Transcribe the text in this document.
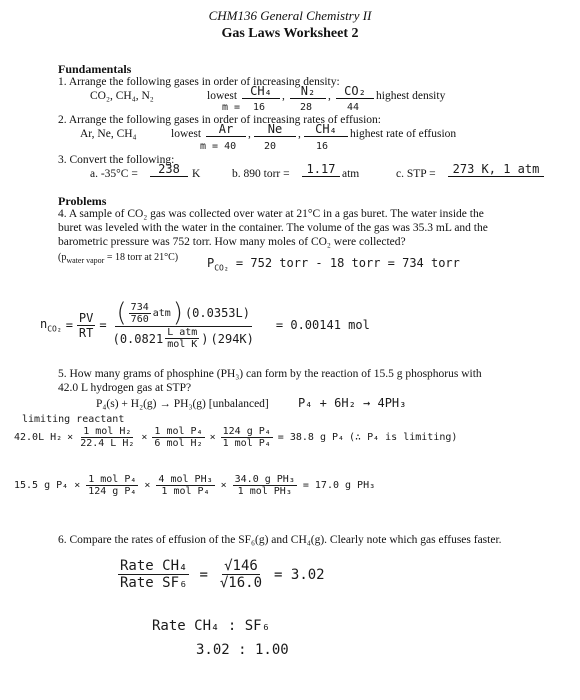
CHM136 General Chemistry II
Gas Laws Worksheet 2
Fundamentals
1. Arrange the following gases in order of increasing density:
CO₂, CH₄, N₂	lowest	CH₄ ,	N₂	,	CO₂ highest density
m = 16	28	44
2. Arrange the following gases in order of increasing rates of effusion:
Ar, Ne, CH₄	lowest	Ar	,	Ne	,	CH₄	highest rate of effusion
m = 40	20	16
3. Convert the following:
a. -35°C =	238	K	b. 890 torr =	1.17 atm	c. STP =	273 K, 1 atm
Problems
4. A sample of CO₂ gas was collected over water at 21°C in a gas buret. The water inside the
buret was leveled with the water in the container. The volume of the gas was 35.3 mL and the
barometric pressure was 752 torr. How many moles of CO₂ were collected?
($p_{water vapor} = 18$ torr at 21°C) $P_{CO_2} = 752$ torr - 18 torr = 734 torr
$n_{CO_2} = \frac{PV}{RT} = \frac{( \frac{734}{760} atm ) (0.0353L)}{(0.0821 \frac{\text{L atm}}{\text{mol K}} ) (294K)} = 0.00141$ mol
5. How many grams of phosphine (PH₃) can form by the reaction of 15.5 g phosphorus with
42.0 L hydrogen gas at STP?
P₄(s) + H₂(g) → PH₃(g) [unbalanced] P₄ + 6H₂ → 4PH₃
limiting reactant
42.0L $H_2 \times \frac{\text{1 mol H₂}}{\text{22.4 L H₂}} \times \frac{\text{1 mol P₄}}{\text{6 mol H₂}} \times \frac{\text{124 g P₄}}{\text{1 mol P₄}} = 38.8$ g P₄ (∴ P₄ is limiting)
15.5 g $P_4 \times \frac{\text{1 mol P₄}}{\text{124 g P₄}} \times \frac{\text{4 mol PH₃}}{\text{1 mol P₄}} \times \frac{\text{34.0 g PH₃}}{\text{1 mol PH₃}} = 17.0$ g PH₃
6. Compare the rates of effusion of the SF₆(g) and CH₄(g). Clearly note which gas effuses faster.
$\frac{\text{Rate CH₄}}{\text{Rate SF₆}} = \frac{√146}{√16.0} = 3.02$
Rate CH₄ : SF₆
3.02 : 1.00
